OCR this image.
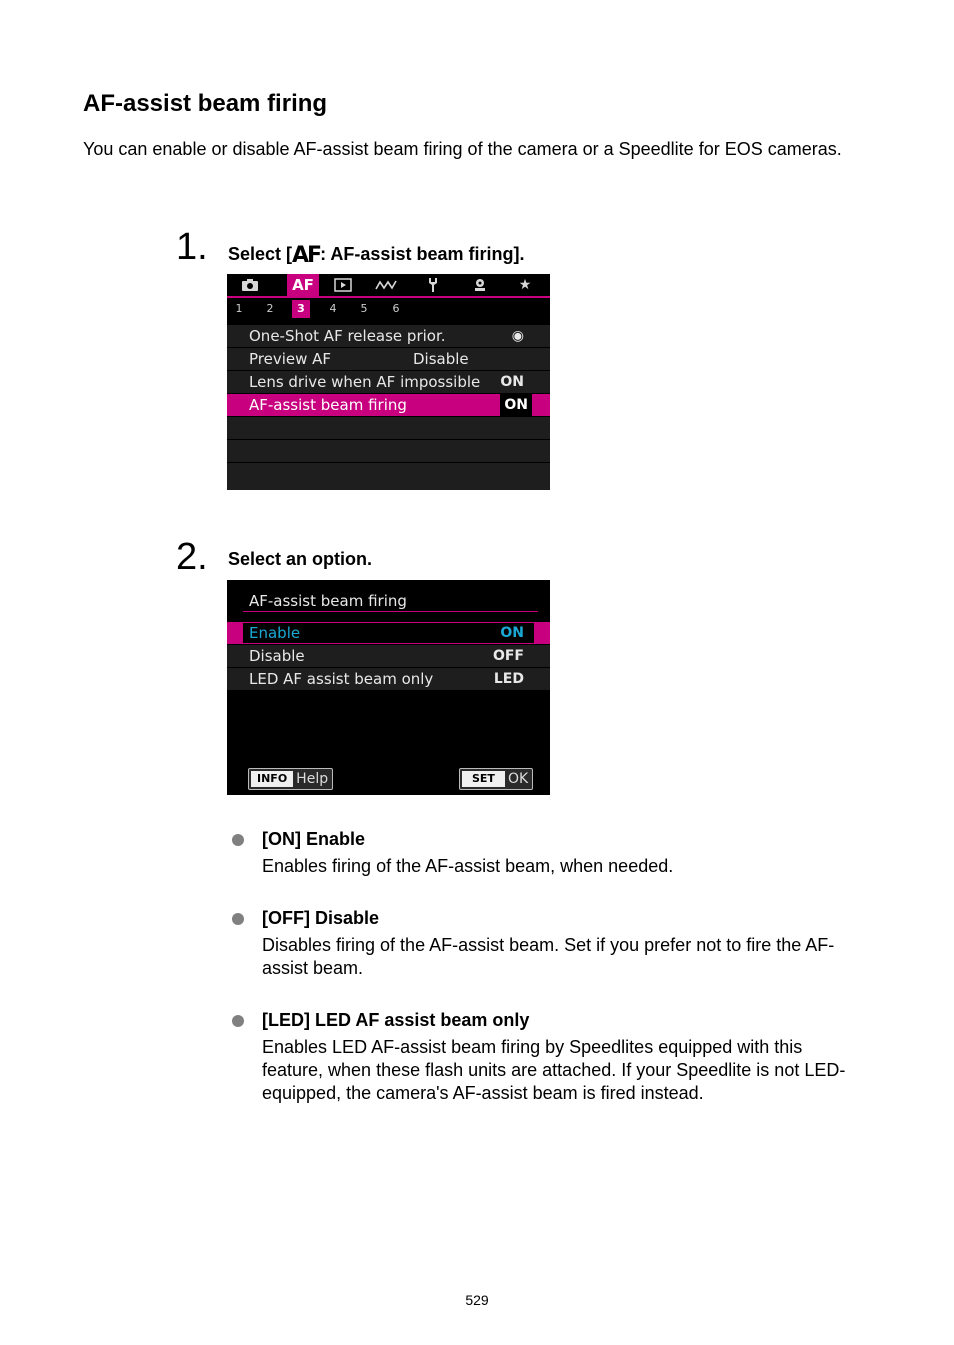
AF-assist beam firing

You can enable or disable AF-assist beam firing of the camera or a Speedlite for EOS cameras.

1. Select [AF: AF-assist beam firing].
AF	★
1	2	3	4	5	6
One-Shot AF release prior.	◉
Preview AF	Disable
Lens drive when AF impossible ON
AF-assist beam firing	ON
2. Select an option.
AF-assist beam firing
Enable	ON
Disable	OFF
LED AF assist beam only	LED
INFO Help	SET OK
[ON] Enable

Enables firing of the AF-assist beam, when needed.

[OFF] Disable

Disables firing of the AF-assist beam. Set if you prefer not to fire the AF-assist beam.

[LED] LED AF assist beam only

Enables LED AF-assist beam firing by Speedlites equipped with this feature, when these flash units are attached. If your Speedlite is not LED-equipped, the camera's AF-assist beam is fired instead.

529
